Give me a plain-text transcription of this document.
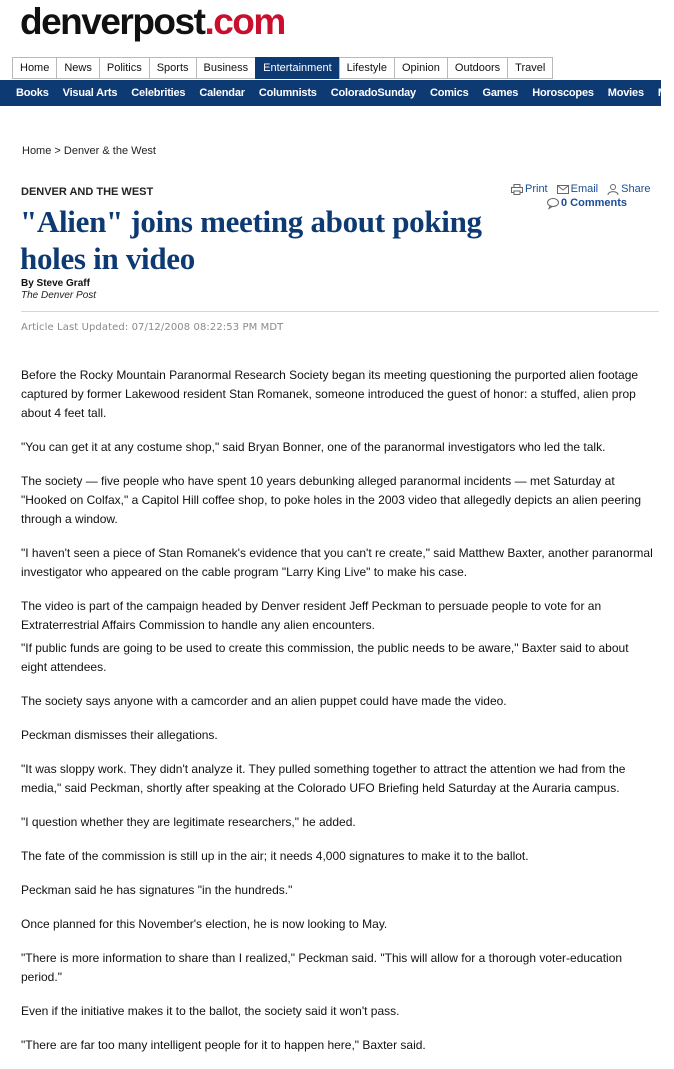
denverpost.com
Home	News	Politics	Sports	Business	Entertainment	Lifestyle	Opinion	Outdoors	Travel
Books	Visual Arts	Celebrities	Calendar	Columnists	ColoradoSunday	Comics	Games	Horoscopes	Movies	M
Home > Denver & the West
DENVER AND THE WEST	Print Email Share
0 Comments
"Alien" joins meeting about poking holes in video
By Steve Graff
The Denver Post
Article Last Updated: 07/12/2008 08:22:53 PM MDT

Before the Rocky Mountain Paranormal Research Society began its meeting questioning the purported alien footage captured by former Lakewood resident Stan Romanek, someone introduced the guest of honor: a stuffed, alien prop about 4 feet tall.

"You can get it at any costume shop," said Bryan Bonner, one of the paranormal investigators who led the talk.

The society — five people who have spent 10 years debunking alleged paranormal incidents — met Saturday at "Hooked on Colfax," a Capitol Hill coffee shop, to poke holes in the 2003 video that allegedly depicts an alien peering through a window.

"I haven't seen a piece of Stan Romanek's evidence that you can't re create," said Matthew Baxter, another paranormal investigator who appeared on the cable program "Larry King Live" to make his case.

The video is part of the campaign headed by Denver resident Jeff Peckman to persuade people to vote for an Extraterrestrial Affairs Commission to handle any alien encounters.

"If public funds are going to be used to create this commission, the public needs to be aware," Baxter said to about eight attendees.

The society says anyone with a camcorder and an alien puppet could have made the video.

Peckman dismisses their allegations.

"It was sloppy work. They didn't analyze it. They pulled something together to attract the attention we had from the media," said Peckman, shortly after speaking at the Colorado UFO Briefing held Saturday at the Auraria campus.

"I question whether they are legitimate researchers," he added.

The fate of the commission is still up in the air; it needs 4,000 signatures to make it to the ballot.

Peckman said he has signatures "in the hundreds."

Once planned for this November's election, he is now looking to May.

"There is more information to share than I realized," Peckman said. "This will allow for a thorough voter-education period."

Even if the initiative makes it to the ballot, the society said it won't pass.

"There are far too many intelligent people for it to happen here," Baxter said.
